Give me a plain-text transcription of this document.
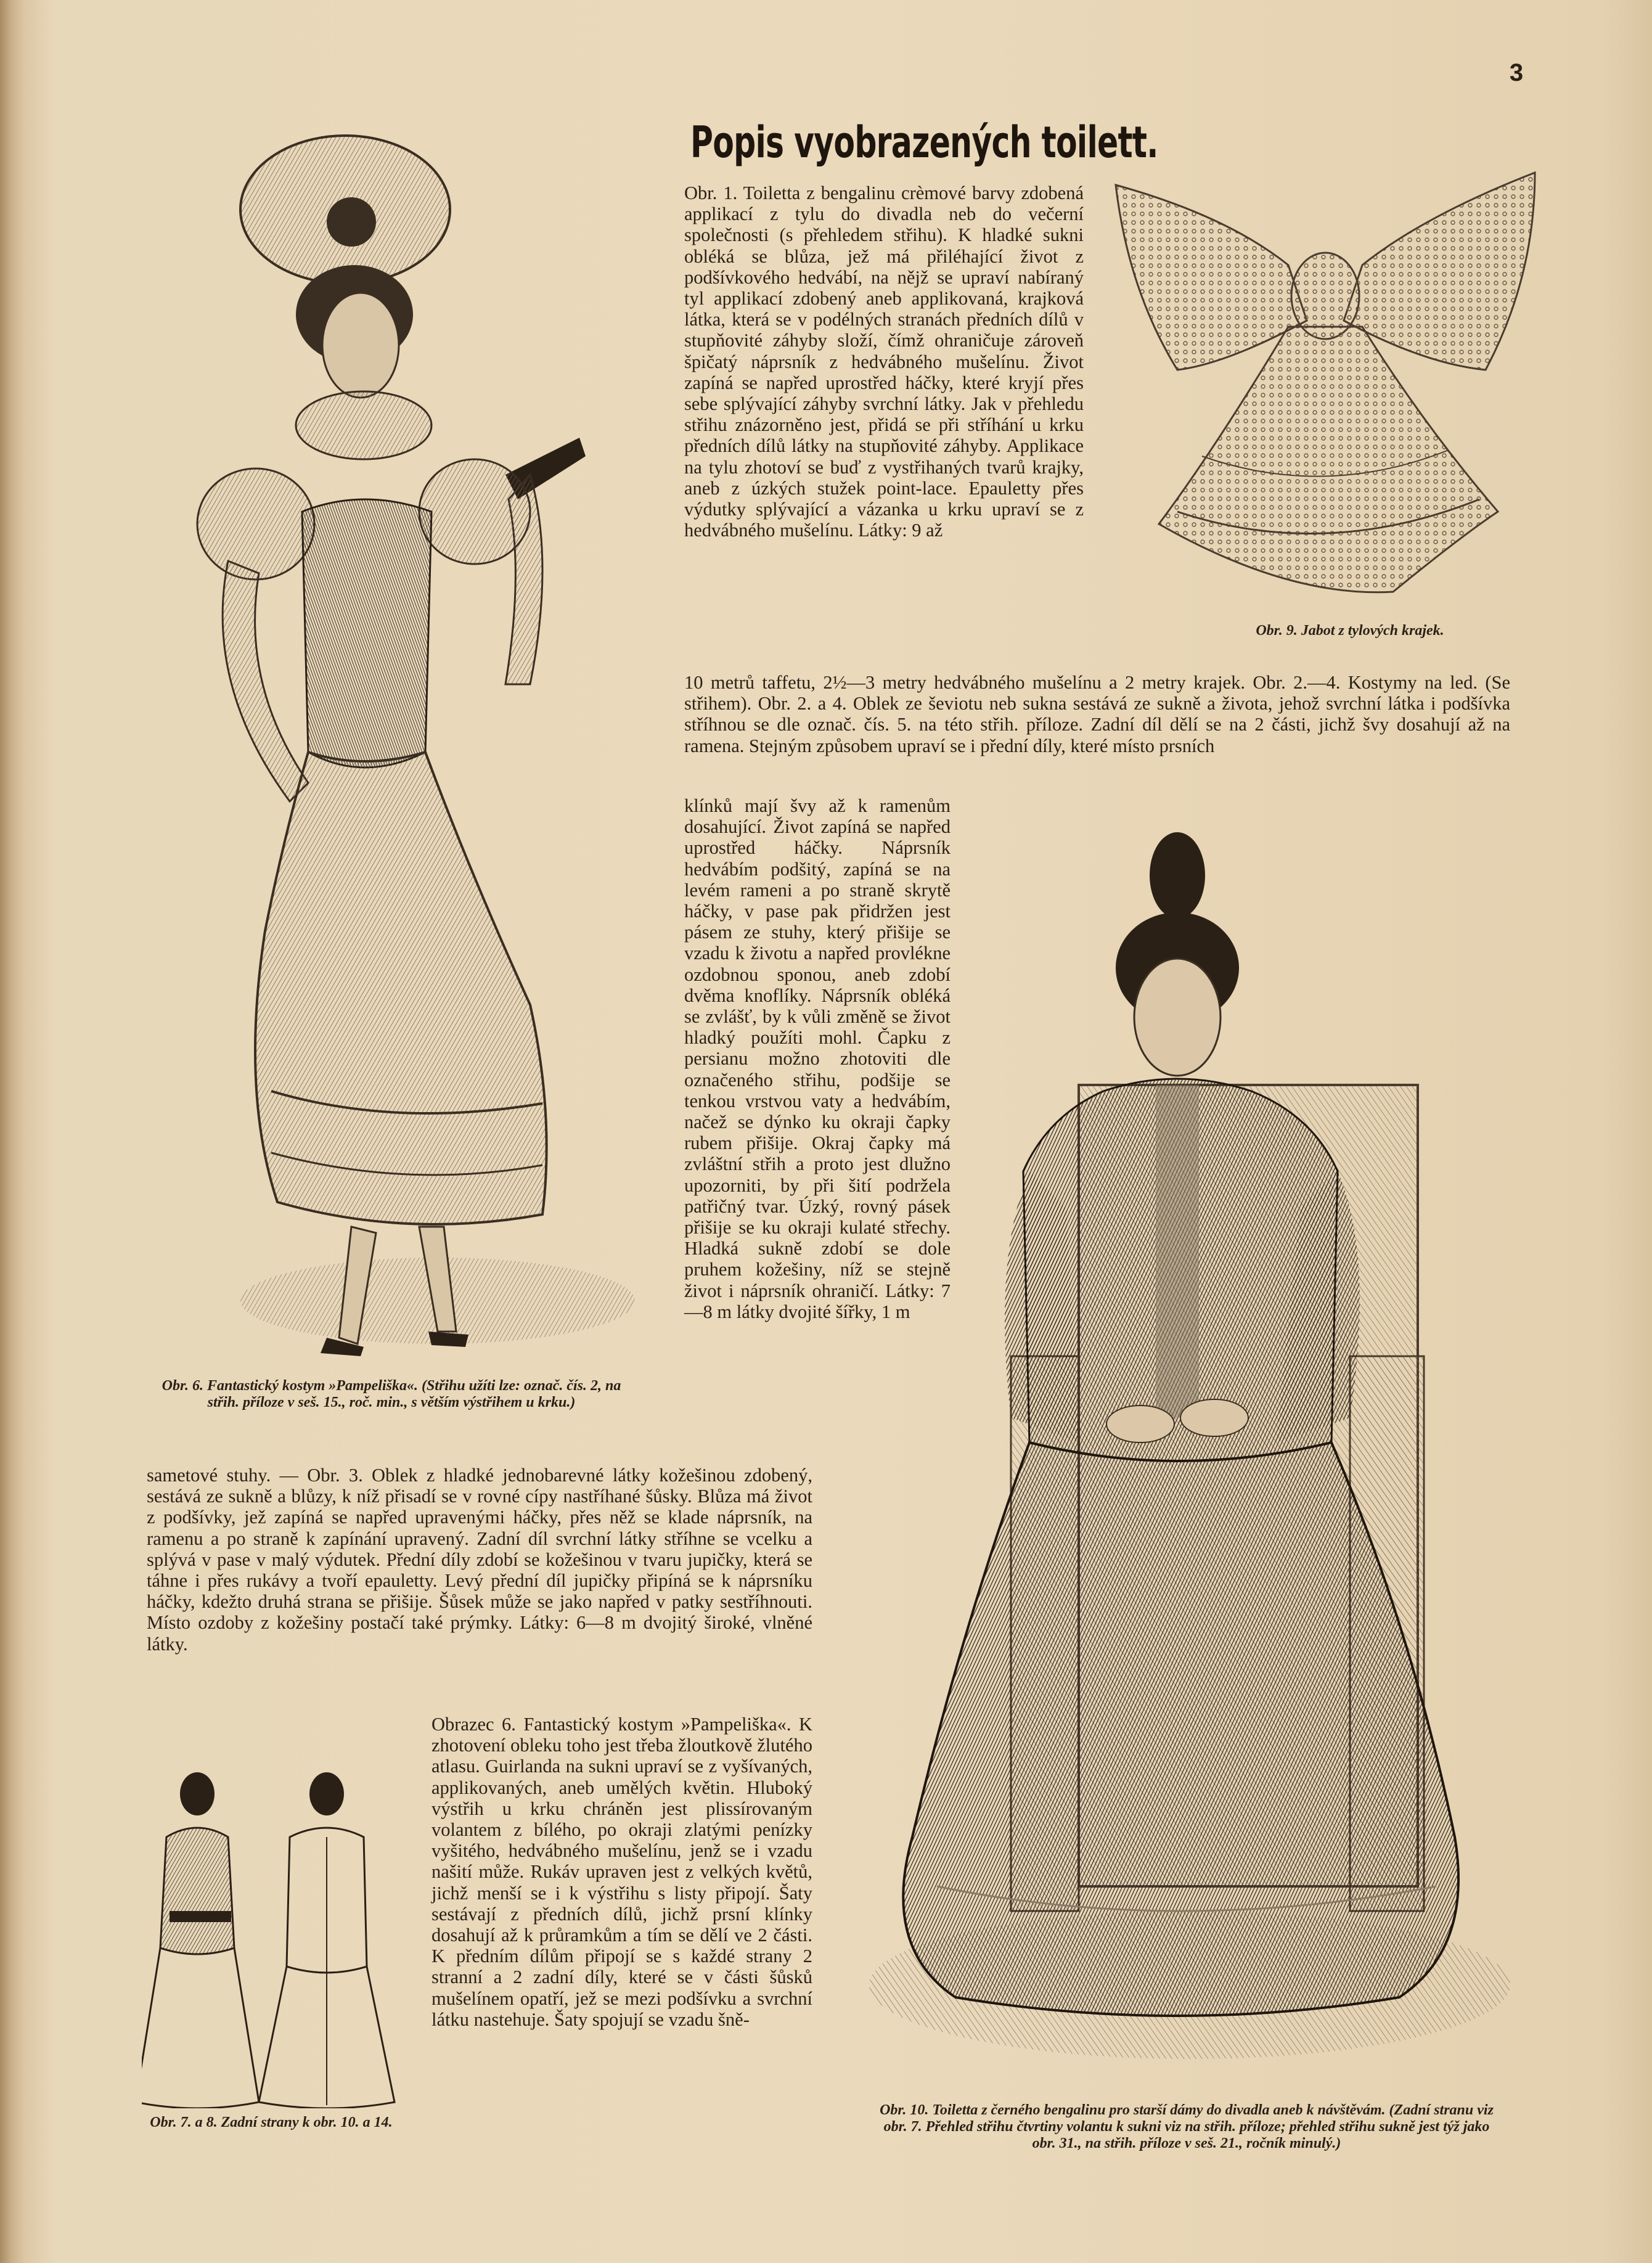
3
Popis vyobrazených toilett.

Obr. 1. Toiletta z bengalinu crèmové barvy zdobená applikací z tylu do divadla neb do večerní společnosti (s přehledem střihu). K hladké sukni obléká se blůza, jež má přiléhající život z podšívkového hedvábí, na nějž se upraví nabíraný tyl applikací zdobený aneb applikovaná, krajková látka, která se v podélných stranách předních dílů v stupňovité záhyby složí, čímž ohraničuje zároveň špičatý náprsník z hedvábného mušelínu. Život zapíná se napřed uprostřed háčky, které kryjí přes sebe splývající záhyby svrchní látky. Jak v přehledu střihu znázorněno jest, přidá se při stříhání u krku předních dílů látky na stupňovité záhyby. Applikace na tylu zhotoví se buď z vystřihaných tvarů krajky, aneb z úzkých stužek point-lace. Epauletty přes výdutky splývající a vázanka u krku upraví se z hedvábného mušelínu. Látky: 9 až

10 metrů taffetu, 2½—3 metry hedvábného mušelínu a 2 metry krajek. Obr. 2.—4. Kostymy na led. (Se střihem). Obr. 2. a 4. Oblek ze ševiotu neb sukna sestává ze sukně a života, jehož svrchní látka i podšívka stříhnou se dle označ. čís. 5. na této střih. příloze. Zadní díl dělí se na 2 části, jichž švy dosahují až na ramena. Stejným způsobem upraví se i přední díly, které místo prsních

klínků mají švy až k ramenům dosahující. Život zapíná se napřed uprostřed háčky. Náprsník hedvábím podšitý, zapíná se na levém rameni a po straně skrytě háčky, v pase pak přidržen jest pásem ze stuhy, který přišije se vzadu k životu a napřed provlékne ozdobnou sponou, aneb zdobí dvěma knoflíky. Náprsník obléká se zvlášť, by k vůli změně se život hladký použíti mohl. Čapku z persianu možno zhotoviti dle označeného střihu, podšije se tenkou vrstvou vaty a hedvábím, načež se dýnko ku okraji čapky rubem přišije. Okraj čapky má zvláštní střih a proto jest dlužno upozorniti, by při šití podržela patřičný tvar. Úzký, rovný pásek přišije se ku okraji kulaté střechy. Hladká sukně zdobí se dole pruhem kožešiny, níž se stejně život i náprsník ohraničí. Látky: 7—8 m látky dvojité šířky, 1 m

sametové stuhy. — Obr. 3. Oblek z hladké jednobarevné látky kožešinou zdobený, sestává ze sukně a blůzy, k níž přisadí se v rovné cípy nastříhané šůsky. Blůza má život z podšívky, jež zapíná se napřed upravenými háčky, přes něž se klade náprsník, na ramenu a po straně k zapínání upravený. Zadní díl svrchní látky stříhne se vcelku a splývá v pase v malý výdutek. Přední díly zdobí se kožešinou v tvaru jupičky, která se táhne i přes rukávy a tvoří epauletty. Levý přední díl jupičky připíná se k náprsníku háčky, kdežto druhá strana se přišije. Šůsek může se jako napřed v patky sestříhnouti. Místo ozdoby z kožešiny postačí také prýmky. Látky: 6—8 m dvojitý široké, vlněné látky.

Obrazec 6. Fantastický kostym »Pampeliška«. K zhotovení obleku toho jest třeba žloutkově žlutého atlasu. Guirlanda na sukni upraví se z vyšívaných, applikovaných, aneb umělých květin. Hluboký výstřih u krku chráněn jest plissírovaným volantem z bílého, po okraji zlatými penízky vyšitého, hedvábného mušelínu, jenž se i vzadu našití může. Rukáv upraven jest z velkých květů, jichž menší se i k výstřihu s listy připojí. Šaty sestávají z předních dílů, jichž prsní klínky dosahují až k průramkům a tím se dělí ve 2 části. K předním dílům připojí se s každé strany 2 stranní a 2 zadní díly, které se v části šůsků mušelínem opatří, jež se mezi podšívku a svrchní látku nastehuje. Šaty spojují se vzadu šně-

Obr. 6. Fantastický kostym »Pampeliška«. (Střihu užíti lze: označ. čís. 2, na střih. příloze v seš. 15., roč. min., s větším výstřihem u krku.)
Obr. 9. Jabot z tylových krajek.
Obr. 7. a 8. Zadní strany k obr. 10. a 14.
Obr. 10. Toiletta z černého bengalinu pro starší dámy do divadla aneb k návštěvám. (Zadní stranu viz obr. 7. Přehled střihu čtvrtiny volantu k sukni viz na střih. příloze; přehled střihu sukně jest týž jako obr. 31., na střih. příloze v seš. 21., ročník minulý.)
